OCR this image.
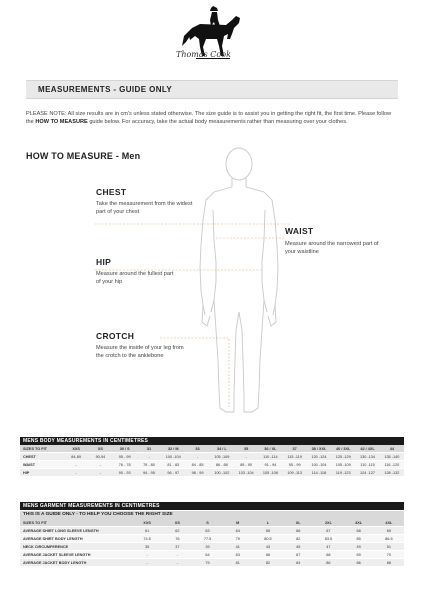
Thomas Cook
MEASUREMENTS - GUIDE ONLY
PLEASE NOTE: All size results are in cm's unless stated otherwise. The size guide is to assist you in getting the right fit, the first time. Please follow the HOW TO MEASURE guide below. For accuracy, take the actual body measurements rather than measuring over your clothes.
HOW TO MEASURE - Men
CHEST
Take the measurement from the widest part of your chest
WAIST
Measure around the narrowest part of your waistline
HIP
Measure around the fullest part of your hip
CROTCH
Measure the inside of your leg from the crotch to the anklebone
MENS BODY MEASUREMENTS IN CENTIMETRES
SIZES TO FIT	XXS	XS	30 / S	31	32 / M	33	34 / L	35	36 / XL	37	38 / XXL	40 / 3XL	42 / 4XL	44
CHEST	84-89	90-94	95 - 99	-	100 -104	-	105 -109	-	110 -114	115 -119	120 -124	125 -129	130 -134	135 -140
WAIST	-	-	76 - 78	79 - 80	81 - 83	84 - 85	86 - 88	89 - 90	91 - 94	95 - 99	100 -104	105 -109	110 -115	116 -120
HIP	-	-	90 - 93	94 - 95	96 - 97	98 - 99	100 -102	103 -104	105 -108	109 -113	114 -118	119 -123	124 -127	128 -132
MENS GARMENT MEASUREMENTS IN CENTIMETRES
THIS IS A GUIDE ONLY - TO HELP YOU CHOOSE THE RIGHT SIZE
SIZES TO FIT	XXS	XS	S	M	L	XL	2XL	3XL	4XL
AVERAGE SHIRT LONG SLEEVE LENGTH	61	62	63	64	65	66	67	68	69
AVERAGE SHIRT BODY LENGTH	74.5	76	77.5	79	80.5	82	83.5	85	86.5
NECK CIRCUMFERENCE	35	37	39	41	43	45	47	49	51
AVERAGE JACKET SLEEVE LENGTH	-	-	64	63	66	67	68	69	70
AVERAGE JACKET BODY LENGTH	-	-	79	81	82	84	86	86	88
